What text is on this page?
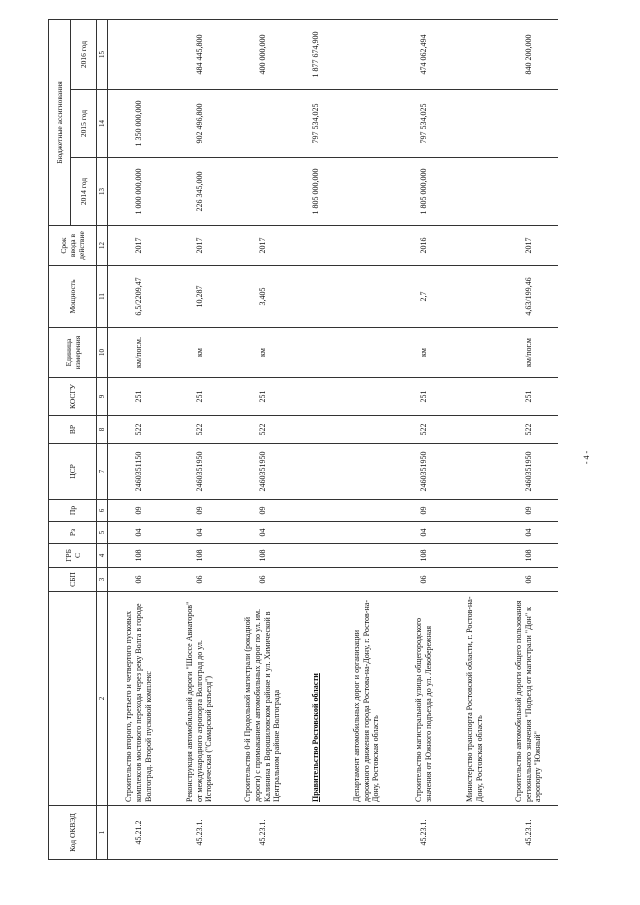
Код ОКВЭД		СБП	ГРБ С	Рз	Пр	ЦСР	ВР	КОСГУ	Единица измерения	Мощность	Срок ввода в действие	Бюджетные ассигнования		
												2014 год	2015 год	2016 год
1	2	3	4	5	6	7	8	9	10	11	12	13	14	15
45.21.2	Строительство второго, третьего и четвертого пусковых комплексов мостового перехода через реку Волга в городе Волгоград. Второй пусковой комплекс	06	108	04	09	2460351150	522	251	км/пог.м.	6,5/2209,47	2017	1 000 000,000	1 350 000,000	
45.23.1.	Реконструкция автомобильной дороги "Шоссе Авиаторов" от международного аэропорта Волгоград до ул. Историческая ("Самарский разъезд")	06	108	04	09	2460351950	522	251	км	10,287	2017	226 345,000	902 496,800	484 445,800
45.23.1.	Строительство 0-й Продольной магистрали (рокадной дороги) с примыканием автомобильных дорог по ул. им. Калинина в Ворошиловском районе и ул. Химической в Центральном районе Волгограда	06	108	04	09	2460351950	522	251	км	3,405	2017			400 000,000
	Правительство Ростовской области											1 805 000,000	797 534,025	1 877 674,900
	Департамент автомобильных дорог и организации дорожного движения города Ростова-на-Дону, г. Ростов-на-Дону, Ростовская область													
45.23.1.	Строительство магистральной улицы общегородского значения от Южного подъезда до ул. Левобережная	06	108	04	09	2460351950	522	251	км	2,7	2016	1 805 000,000	797 534,025	474 062,494
	Министерство транспорта Ростовской области, г. Ростов-на-Дону, Ростовская область													
45.23.1.	Строительство автомобильной дороги общего пользования регионального значения "Подъезд от магистрали "Дон" к аэропорту "Южный"	06	108	04	09	2460351950	522	251	км/пог.м	4,63/199,46	2017			840 200,000
- 4 -
